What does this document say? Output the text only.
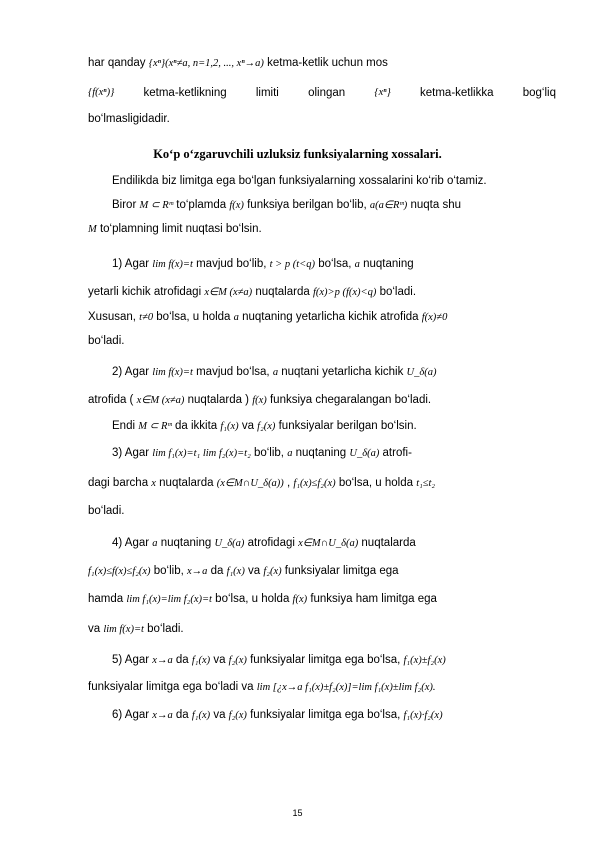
har qanday {xⁿ}(xⁿ≠a, n=1,2, ..., xⁿ→a) ketma-ketlik uchun mos
{f(xⁿ)}	ketma-ketlikning	limiti	olingan	{xⁿ}	ketma-ketlikka	bog‘liq
bo‘lmasligidadir.
Ko‘p o‘zgaruvchili uzluksiz funksiyalarning xossalari.
Endilikda biz limitga ega bo‘lgan funksiyalarning xossalarini ko‘rib o‘tamiz.
Biror M ⊂ Rᵐ to‘plamda f(x) funksiya berilgan bo‘lib, a(a∈Rᵐ) nuqta shu
M to‘plamning limit nuqtasi bo‘lsin.
1) Agar lim f(x)=t mavjud bo‘lib, t > p (t<q) bo‘lsa, a nuqtaning
yetarli kichik atrofidagi x∈M (x≠a) nuqtalarda f(x)>p (f(x)<q) bo‘ladi.
Xususan, t≠0 bo‘lsa, u holda a nuqtaning yetarlicha kichik atrofida f(x)≠0
bo‘ladi.
2) Agar lim f(x)=t mavjud bo‘lsa, a nuqtani yetarlicha kichik U_δ(a)
atrofida ( x∈M (x≠a) nuqtalarda ) f(x) funksiya chegaralangan bo‘ladi.
Endi M ⊂ Rᵐ da ikkita f₁(x) va f₂(x) funksiyalar berilgan bo‘lsin.
3) Agar lim f₁(x)=t₁ lim f₂(x)=t₂ bo‘lib, a nuqtaning U_δ(a) atrofi-
dagi barcha x nuqtalarda (x∈M∩U_δ(a)) , f₁(x)≤f₂(x) bo‘lsa, u holda t₁≤t₂
bo‘ladi.
4) Agar a nuqtaning U_δ(a) atrofidagi x∈M∩U_δ(a) nuqtalarda
f₁(x)≤f(x)≤f₂(x) bo‘lib, x→a da f₁(x) va f₂(x) funksiyalar limitga ega
hamda lim f₁(x)=lim f₂(x)=t bo‘lsa, u holda f(x) funksiya ham limitga ega
va lim f(x)=t bo‘ladi.
5) Agar x→a da f₁(x) va f₂(x) funksiyalar limitga ega bo‘lsa, f₁(x)±f₂(x)
funksiyalar limitga ega bo‘ladi va lim [¿x→a f₁(x)±f₂(x)]=lim f₁(x)±lim f₂(x).
6) Agar x→a da f₁(x) va f₂(x) funksiyalar limitga ega bo‘lsa, f₁(x)·f₂(x)
15
